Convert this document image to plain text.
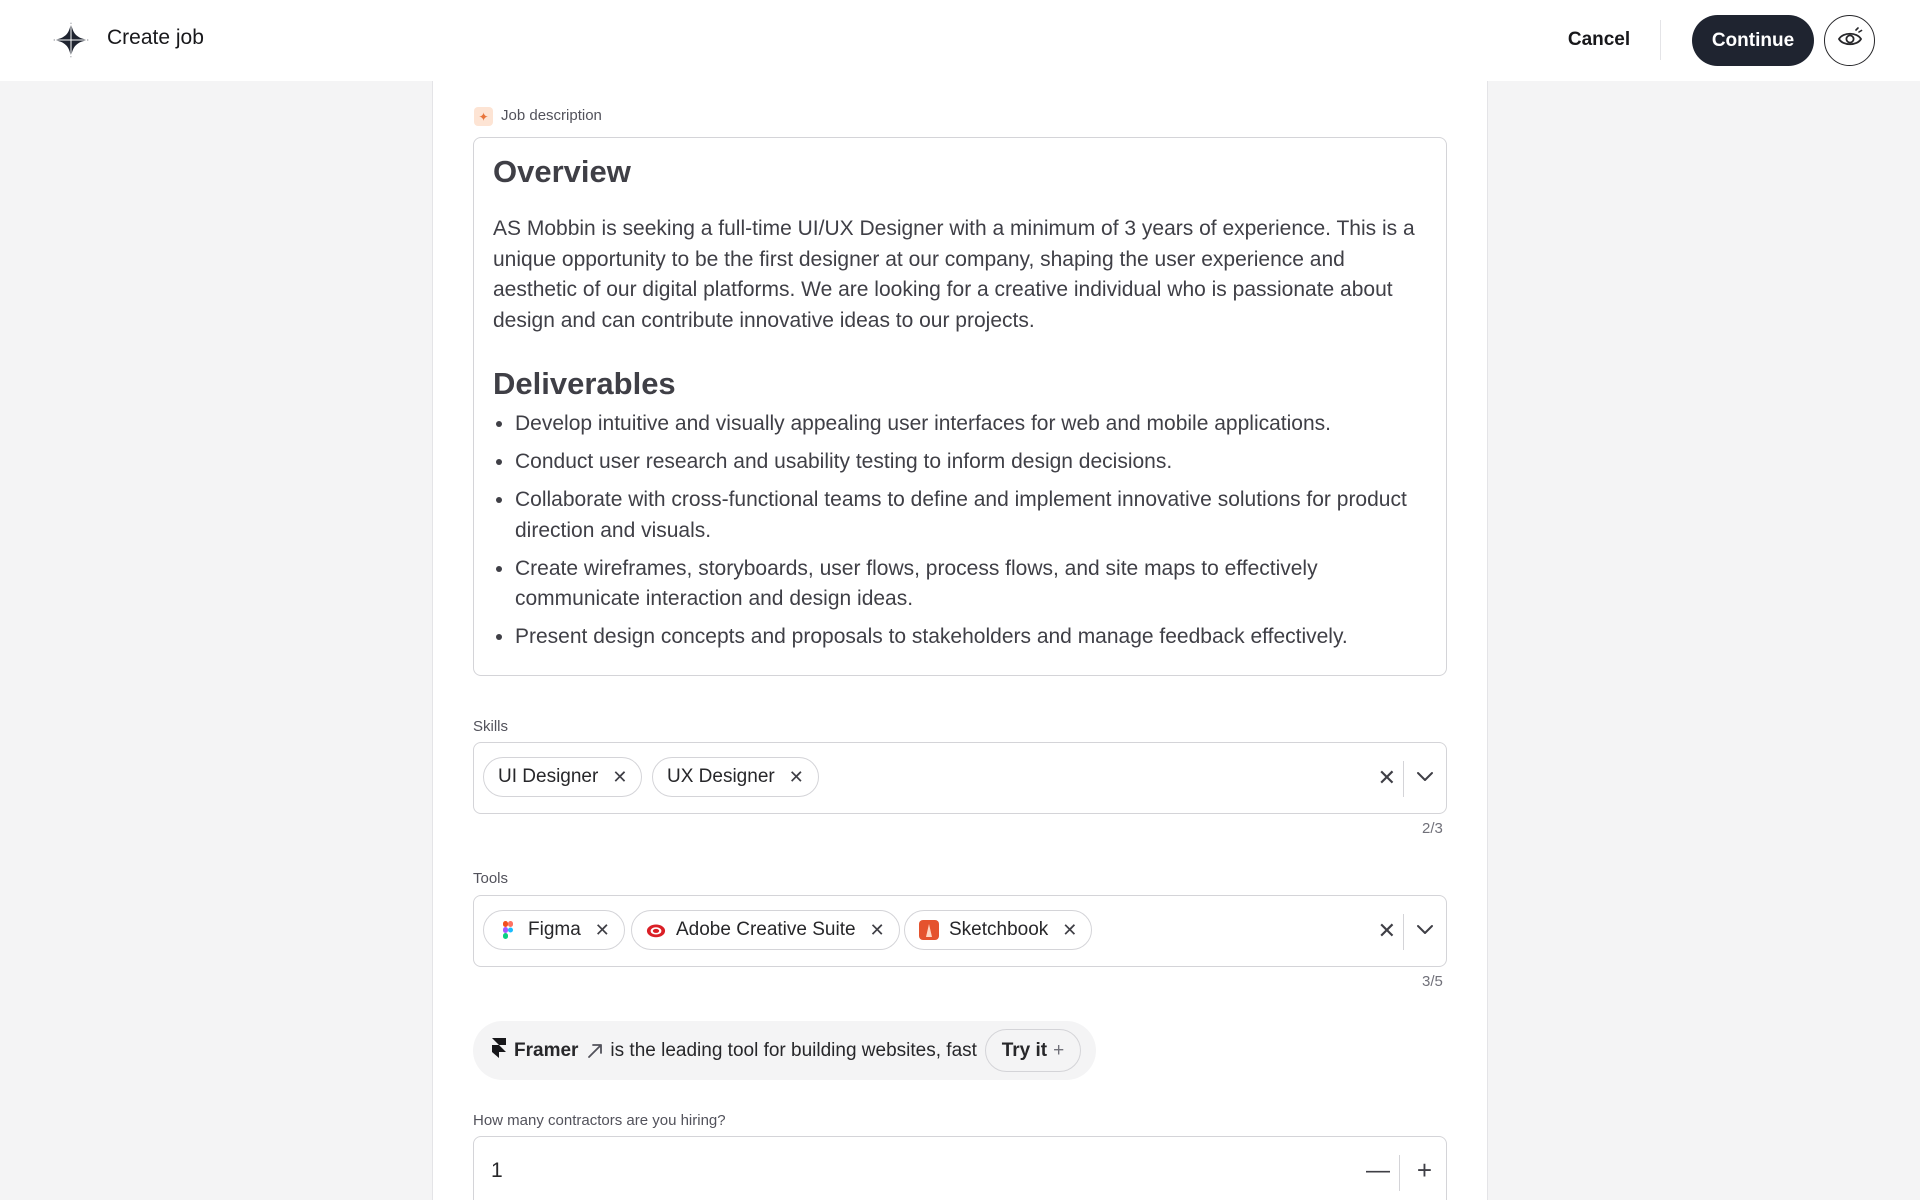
Create job	Cancel	Continue
✦ Job description
Overview

AS Mobbin is seeking a full-time UI/UX Designer with a minimum of 3 years of experience. This is a unique opportunity to be the first designer at our company, shaping the user experience and aesthetic of our digital platforms. We are looking for a creative individual who is passionate about design and can contribute innovative ideas to our projects.

Deliverables
• Develop intuitive and visually appealing user interfaces for web and mobile applications.
• Conduct user research and usability testing to inform design decisions.
• Collaborate with cross-functional teams to define and implement innovative solutions for product direction and visuals.
• Create wireframes, storyboards, user flows, process flows, and site maps to effectively communicate interaction and design ideas.
• Present design concepts and proposals to stakeholders and manage feedback effectively.
Skills
UI Designer ✕ UX Designer ✕	✕
2/3
Tools
Figma ✕	Adobe Creative Suite ✕	Sketchbook ✕	✕
3/5
Framer is the leading tool for building websites, fast Try it +
How many contractors are you hiring?
1	— +
